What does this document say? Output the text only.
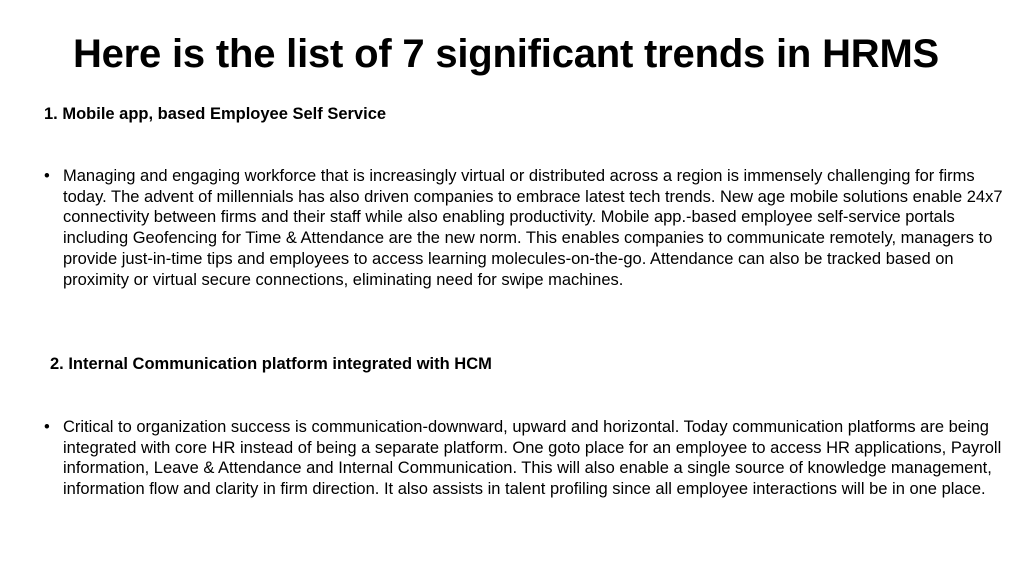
Here is the list of 7 significant trends in HRMS
1. Mobile app, based Employee Self Service
• Managing and engaging workforce that is increasingly virtual or distributed across a region is immensely challenging for firms today. The advent of millennials has also driven companies to embrace latest tech trends. New age mobile solutions enable 24x7 connectivity between firms and their staff while also enabling productivity. Mobile app.-based employee self-service portals including Geofencing for Time & Attendance are the new norm. This enables companies to communicate remotely, managers to provide just-in-time tips and employees to access learning molecules-on-the-go. Attendance can also be tracked based on proximity or virtual secure connections, eliminating need for swipe machines.
2. Internal Communication platform integrated with HCM
• Critical to organization success is communication-downward, upward and horizontal. Today communication platforms are being integrated with core HR instead of being a separate platform. One goto place for an employee to access HR applications, Payroll information, Leave & Attendance and Internal Communication. This will also enable a single source of knowledge management, information flow and clarity in firm direction. It also assists in talent profiling since all employee interactions will be in one place.
